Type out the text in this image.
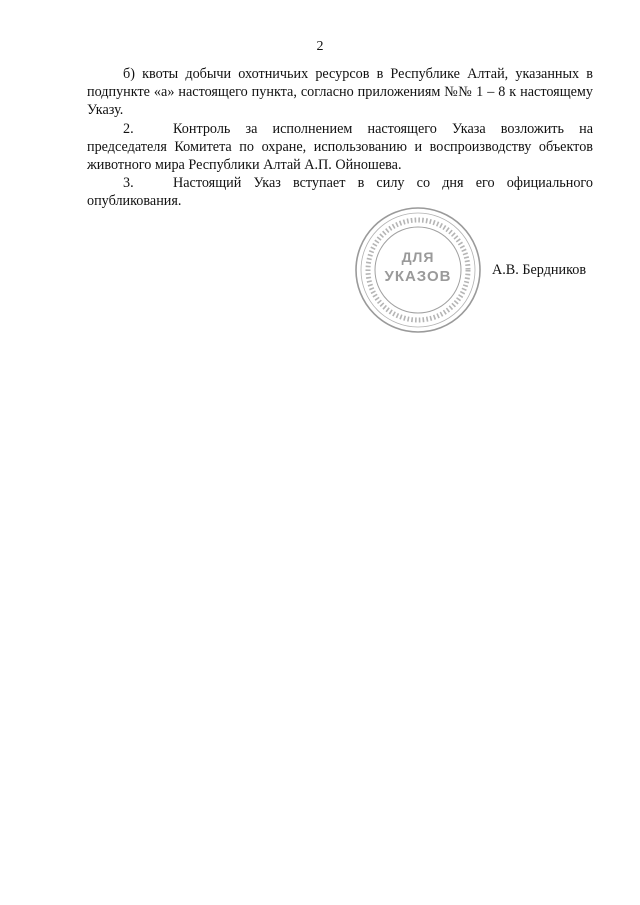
2

б) квоты добычи охотничьих ресурсов в Республике Алтай, указанных в подпункте «а» настоящего пункта, согласно приложениям №№ 1 – 8 к настоящему Указу.

2.	Контроль за исполнением настоящего Указа возложить на председателя Комитета по охране, использованию и воспроизводству объектов животного мира Республики Алтай А.П. Ойношева.

3.	Настоящий Указ вступает в силу со дня его официального опубликования.

ДЛЯ
УКАЗОВ	А.В. Бердников
